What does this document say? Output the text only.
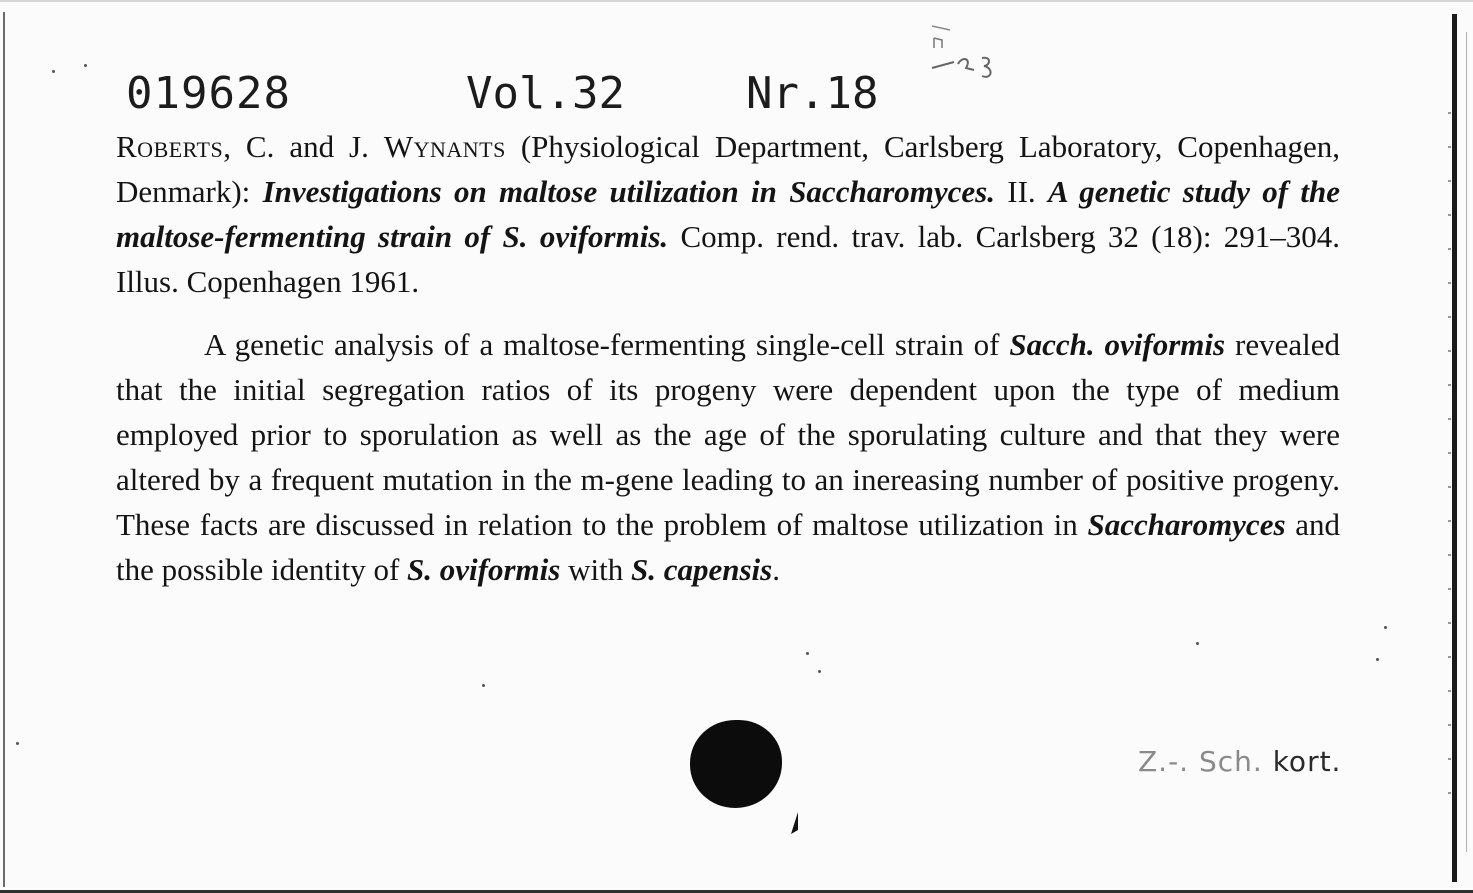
019628	Vol.32	Nr.18

Roberts, C. and J. Wynants (Physiological Department, Carlsberg Laboratory, Copenhagen, Denmark): Investigations on maltose utilization in Saccharomyces. II. A genetic study of the maltose-fermenting strain of S. oviformis. Comp. rend. trav. lab. Carlsberg 32 (18): 291–304. Illus. Copenhagen 1961.

A genetic analysis of a maltose-fermenting single-cell strain of Sacch. oviformis revealed that the initial segregation ratios of its progeny were dependent upon the type of medium employed prior to sporulation as well as the age of the sporulating culture and that they were altered by a frequent mutation in the m-gene leading to an inereasing number of positive progeny. These facts are discussed in relation to the problem of maltose utilization in Saccharomyces and the possible identity of S. oviformis with S. capensis.

Z.-. Sch. kort.
